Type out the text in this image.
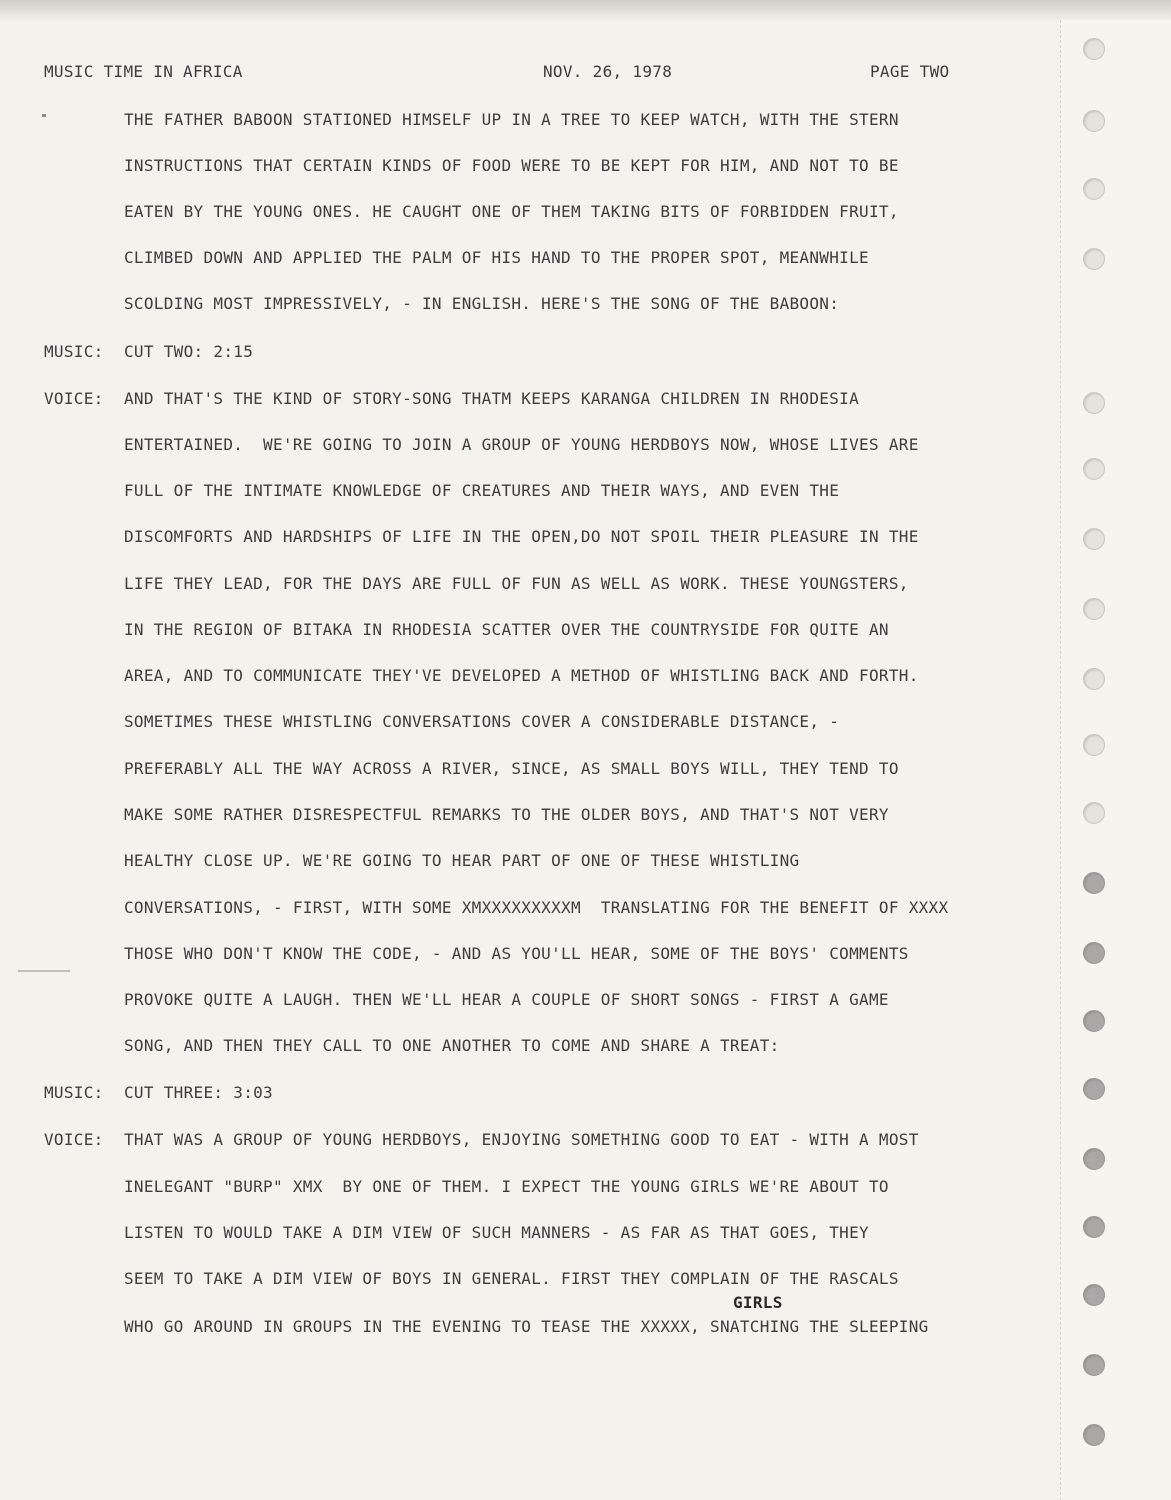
MUSIC TIME IN AFRICA	NOV. 26, 1978	PAGE TWO
THE FATHER BABOON STATIONED HIMSELF UP IN A TREE TO KEEP WATCH, WITH THE STERN
INSTRUCTIONS THAT CERTAIN KINDS OF FOOD WERE TO BE KEPT FOR HIM, AND NOT TO BE
EATEN BY THE YOUNG ONES. HE CAUGHT ONE OF THEM TAKING BITS OF FORBIDDEN FRUIT,
CLIMBED DOWN AND APPLIED THE PALM OF HIS HAND TO THE PROPER SPOT, MEANWHILE
SCOLDING MOST IMPRESSIVELY, - IN ENGLISH. HERE'S THE SONG OF THE BABOON:
MUSIC: CUT TWO: 2:15
VOICE: AND THAT'S THE KIND OF STORY-SONG THATM KEEPS KARANGA CHILDREN IN RHODESIA
ENTERTAINED.  WE'RE GOING TO JOIN A GROUP OF YOUNG HERDBOYS NOW, WHOSE LIVES ARE
FULL OF THE INTIMATE KNOWLEDGE OF CREATURES AND THEIR WAYS, AND EVEN THE
DISCOMFORTS AND HARDSHIPS OF LIFE IN THE OPEN,DO NOT SPOIL THEIR PLEASURE IN THE
LIFE THEY LEAD, FOR THE DAYS ARE FULL OF FUN AS WELL AS WORK. THESE YOUNGSTERS,
IN THE REGION OF BITAKA IN RHODESIA SCATTER OVER THE COUNTRYSIDE FOR QUITE AN
AREA, AND TO COMMUNICATE THEY'VE DEVELOPED A METHOD OF WHISTLING BACK AND FORTH.
SOMETIMES THESE WHISTLING CONVERSATIONS COVER A CONSIDERABLE DISTANCE, -
PREFERABLY ALL THE WAY ACROSS A RIVER, SINCE, AS SMALL BOYS WILL, THEY TEND TO
MAKE SOME RATHER DISRESPECTFUL REMARKS TO THE OLDER BOYS, AND THAT'S NOT VERY
HEALTHY CLOSE UP. WE'RE GOING TO HEAR PART OF ONE OF THESE WHISTLING
CONVERSATIONS, - FIRST, WITH SOME XMXXXXXXXXXM  TRANSLATING FOR THE BENEFIT OF XXXX
THOSE WHO DON'T KNOW THE CODE, - AND AS YOU'LL HEAR, SOME OF THE BOYS' COMMENTS
PROVOKE QUITE A LAUGH. THEN WE'LL HEAR A COUPLE OF SHORT SONGS - FIRST A GAME
SONG, AND THEN THEY CALL TO ONE ANOTHER TO COME AND SHARE A TREAT:
MUSIC: CUT THREE: 3:03
VOICE: THAT WAS A GROUP OF YOUNG HERDBOYS, ENJOYING SOMETHING GOOD TO EAT - WITH A MOST
INELEGANT "BURP" XMX  BY ONE OF THEM. I EXPECT THE YOUNG GIRLS WE'RE ABOUT TO
LISTEN TO WOULD TAKE A DIM VIEW OF SUCH MANNERS - AS FAR AS THAT GOES, THEY
SEEM TO TAKE A DIM VIEW OF BOYS IN GENERAL. FIRST THEY COMPLAIN OF THE RASCALS
GIRLS
WHO GO AROUND IN GROUPS IN THE EVENING TO TEASE THE XXXXX, SNATCHING THE SLEEPING
